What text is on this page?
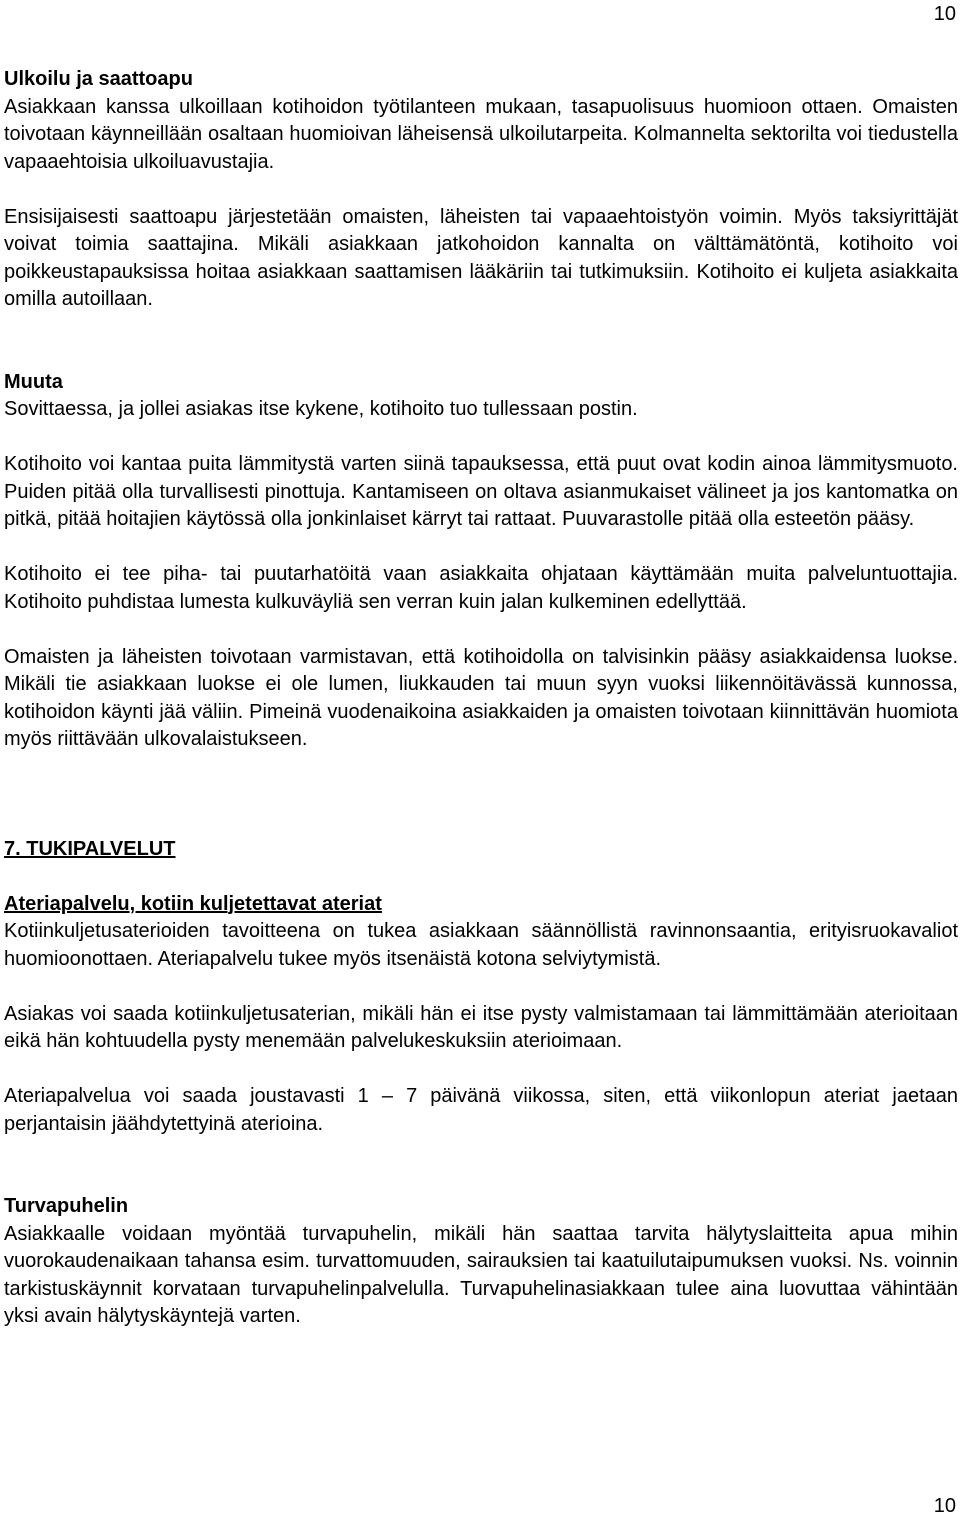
10
Ulkoilu ja saattoapu

Asiakkaan kanssa ulkoillaan kotihoidon työtilanteen mukaan, tasapuolisuus huomioon ottaen. Omaisten toivotaan käynneillään osaltaan huomioivan läheisensä ulkoilutarpeita. Kolmannelta sektorilta voi tiedustella vapaaehtoisia ulkoiluavustajia.

Ensisijaisesti saattoapu järjestetään omaisten, läheisten tai vapaaehtoistyön voimin. Myös taksiyrittäjät voivat toimia saattajina. Mikäli asiakkaan jatkohoidon kannalta on välttämätöntä, kotihoito voi poikkeustapauksissa hoitaa asiakkaan saattamisen lääkäriin tai tutkimuksiin. Kotihoito ei kuljeta asiakkaita omilla autoillaan.

Muuta

Sovittaessa, ja jollei asiakas itse kykene, kotihoito tuo tullessaan postin.

Kotihoito voi kantaa puita lämmitystä varten siinä tapauksessa, että puut ovat kodin ainoa lämmitysmuoto. Puiden pitää olla turvallisesti pinottuja. Kantamiseen on oltava asianmukaiset välineet ja jos kantomatka on pitkä, pitää hoitajien käytössä olla jonkinlaiset kärryt tai rattaat. Puuvarastolle pitää olla esteetön pääsy.

Kotihoito ei tee piha- tai puutarhatöitä vaan asiakkaita ohjataan käyttämään muita palveluntuottajia. Kotihoito puhdistaa lumesta kulkuväyliä sen verran kuin jalan kulkeminen edellyttää.

Omaisten ja läheisten toivotaan varmistavan, että kotihoidolla on talvisinkin pääsy asiakkaidensa luokse. Mikäli tie asiakkaan luokse ei ole lumen, liukkauden tai muun syyn vuoksi liikennöitävässä kunnossa, kotihoidon käynti jää väliin. Pimeinä vuodenaikoina asiakkaiden ja omaisten toivotaan kiinnittävän huomiota myös riittävään ulkovalaistukseen.

7. TUKIPALVELUT
Ateriapalvelu, kotiin kuljetettavat ateriat

Kotiinkuljetusaterioiden tavoitteena on tukea asiakkaan säännöllistä ravinnonsaantia, erityisruokavaliot huomioonottaen. Ateriapalvelu tukee myös itsenäistä kotona selviytymistä.

Asiakas voi saada kotiinkuljetusaterian, mikäli hän ei itse pysty valmistamaan tai lämmittämään aterioitaan eikä hän kohtuudella pysty menemään palvelukeskuksiin aterioimaan.

Ateriapalvelua voi saada joustavasti 1 – 7 päivänä viikossa, siten, että viikonlopun ateriat jaetaan perjantaisin jäähdytettyinä aterioina.

Turvapuhelin

Asiakkaalle voidaan myöntää turvapuhelin, mikäli hän saattaa tarvita hälytyslaitteita apua mihin vuorokaudenaikaan tahansa esim. turvattomuuden, sairauksien tai kaatuilutaipumuksen vuoksi. Ns. voinnin tarkistuskäynnit korvataan turvapuhelinpalvelulla. Turvapuhelinasiakkaan tulee aina luovuttaa vähintään yksi avain hälytyskäyntejä varten.

10
